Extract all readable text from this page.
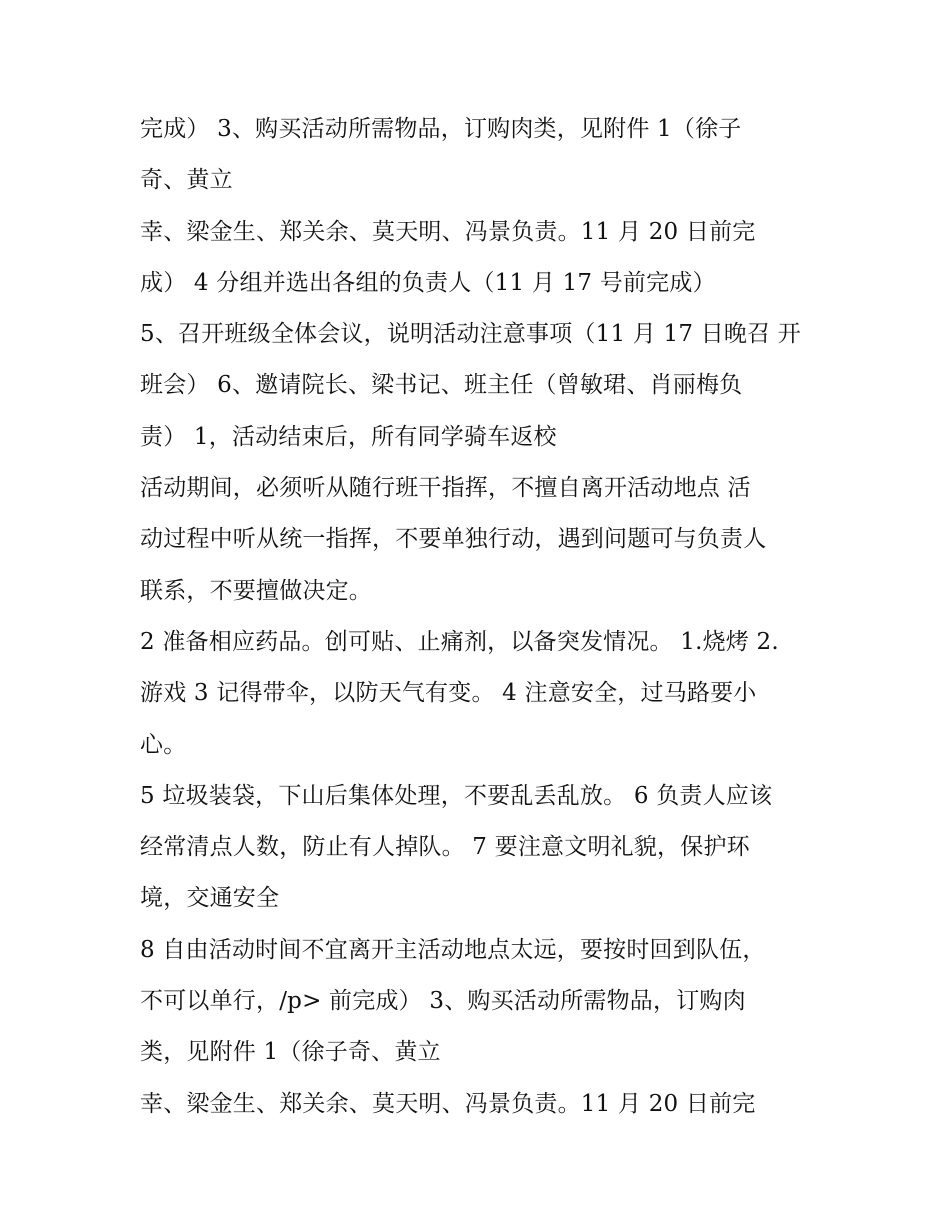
完成） 3、购买活动所需物品，订购肉类，见附件 1（徐子
奇、黄立
幸、梁金生、郑关余、莫天明、冯景负责。11 月 20 日前完
成） 4 分组并选出各组的负责人（11 月 17 号前完成）
5、召开班级全体会议，说明活动注意事项（11 月 17 日晚召 开
班会） 6、邀请院长、梁书记、班主任（曾敏珺、肖丽梅负
责） 1，活动结束后，所有同学骑车返校
活动期间，必须听从随行班干指挥，不擅自离开活动地点 活
动过程中听从统一指挥，不要单独行动，遇到问题可与负责人
联系，不要擅做决定。
2 准备相应药品。创可贴、止痛剂，以备突发情况。 1.烧烤 2.
游戏 3 记得带伞，以防天气有变。 4 注意安全，过马路要小
心。
5 垃圾装袋，下山后集体处理，不要乱丢乱放。 6 负责人应该
经常清点人数，防止有人掉队。 7 要注意文明礼貌，保护环
境，交通安全
8 自由活动时间不宜离开主活动地点太远，要按时回到队伍，
不可以单行，/p> 前完成） 3、购买活动所需物品，订购肉
类，见附件 1（徐子奇、黄立
幸、梁金生、郑关余、莫天明、冯景负责。11 月 20 日前完
